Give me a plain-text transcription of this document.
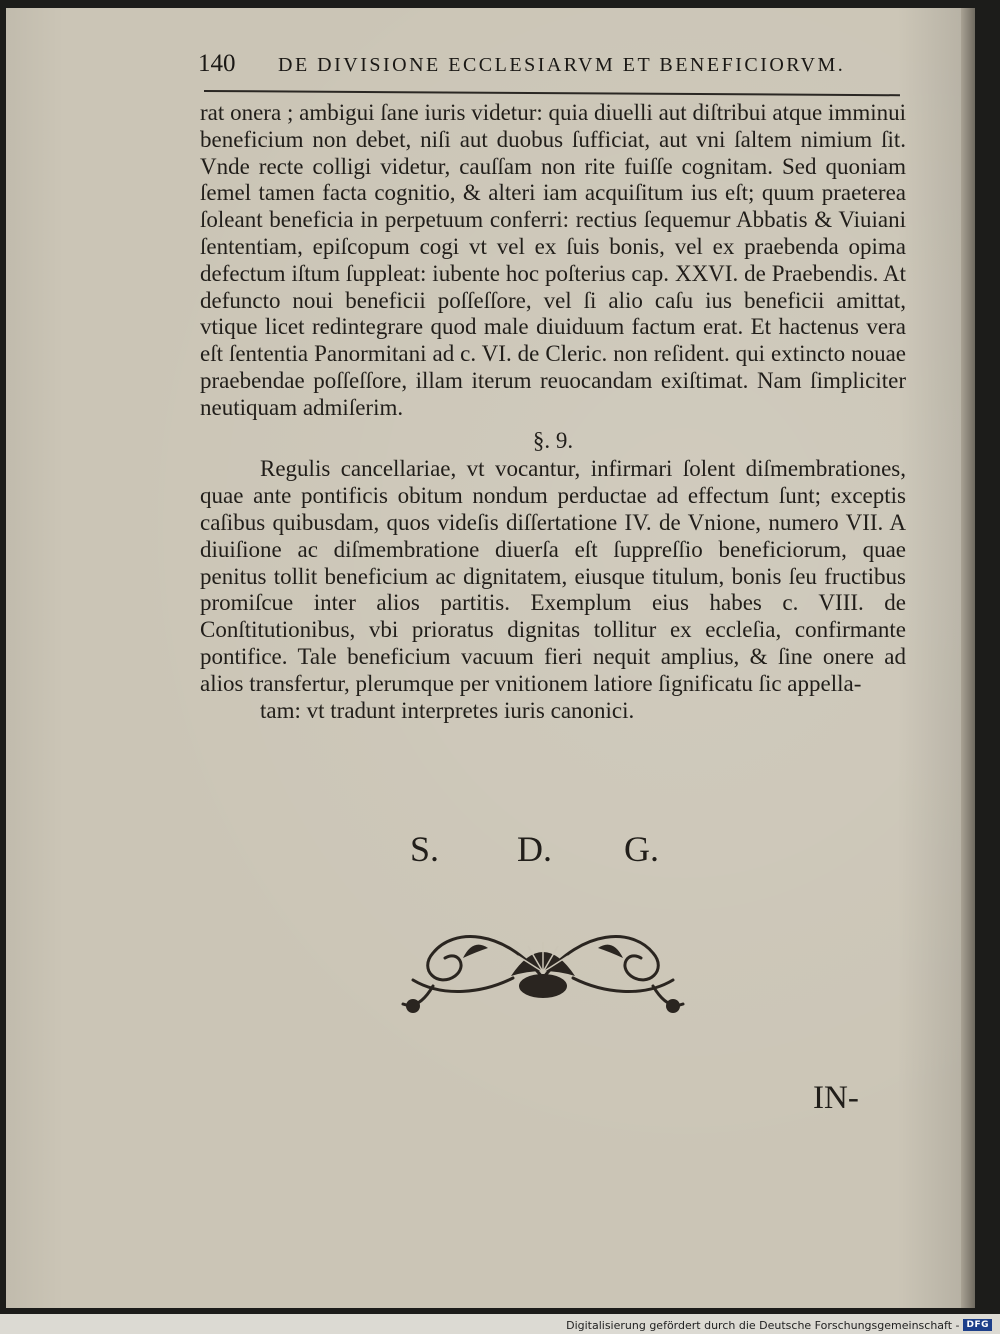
140 DE DIVISIONE ECCLESIARVM ET BENEFICIORVM.

rat onera ; ambigui ſane iuris videtur: quia diuelli aut diſtribui atque imminui beneficium non debet, niſi aut duobus ſufficiat, aut vni ſaltem nimium ſit. Vnde recte colligi videtur, cauſſam non rite fuiſſe cognitam. Sed quoniam ſemel tamen facta cognitio, & alteri iam acquiſitum ius eſt; quum praeterea ſoleant beneficia in perpetuum conferri: rectius ſequemur Abbatis & Viuiani ſententiam, epiſcopum cogi vt vel ex ſuis bonis, vel ex praebenda opima defectum iſtum ſuppleat: iubente hoc poſterius cap. XXVI. de Praebendis. At defuncto noui beneficii poſſeſſore, vel ſi alio caſu ius beneficii amittat, vtique licet redintegrare quod male diuiduum factum erat. Et hactenus vera eſt ſententia Panormitani ad c. VI. de Cleric. non reſident. qui extincto nouae praebendae poſſeſſore, illam iterum reuocandam exiſtimat. Nam ſimpliciter neutiquam admiſerim.

§. 9.

Regulis cancellariae, vt vocantur, infirmari ſolent diſmembrationes, quae ante pontificis obitum nondum perductae ad effectum ſunt; exceptis caſibus quibusdam, quos videſis diſſertatione IV. de Vnione, numero VII. A diuiſione ac diſmembratione diuerſa eſt ſuppreſſio beneficiorum, quae penitus tollit beneficium ac dignitatem, eiusque titulum, bonis ſeu fructibus promiſcue inter alios partitis. Exemplum eius habes c. VIII. de Conſtitutionibus, vbi prioratus dignitas tollitur ex eccleſia, confirmante pontifice. Tale beneficium vacuum fieri nequit amplius, & ſine onere ad alios transfertur, plerumque per vnitionem latiore ſignificatu ſic appella-

tam: vt tradunt interpretes iuris canonici.

S. D. G.
IN-
Digitalisierung gefördert durch die Deutsche Forschungsgemeinschaft - DFG
